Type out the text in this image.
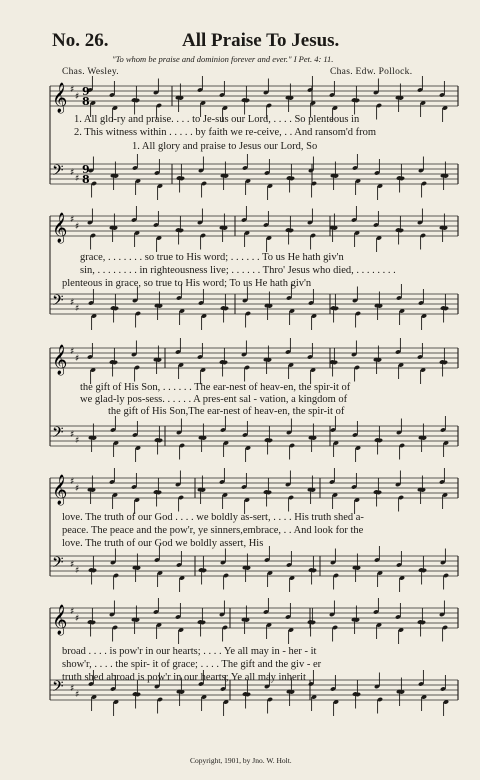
No. 26.	All Praise To Jesus.
"To whom be praise and dominion forever and ever." I Pet. 4: 11.
Chas. Wesley.	Chas. Edw. Pollock.
𝄞 ♯
♯
𝄢 ♯
♯
9
8
9
8
1. All glo-ry and praise. . . . to Je-sus our Lord, . . . . So plenteous in
2. This witness within . . . . . by faith we re-ceive, . . And ransom'd from
1. All glory and praise to Jesus our Lord, So
𝄞 ♯
♯
𝄢 ♯
♯
grace, . . . . . . . so true to His word; . . . . . . To us He hath giv'n
sin, . . . . . . . . in righteousness live; . . . . . . Thro' Jesus who died, . . . . . . . .
plenteous in grace, so true to His word; To us He hath giv'n
𝄞 ♯
♯
𝄢 ♯
♯
the gift of His Son, . . . . . . The ear-nest of heav-en, the spir-it of
we glad-ly pos-sess. . . . . . A pres-ent sal - vation, a kingdom of
the gift of His Son,The ear-nest of heav-en, the spir-it of
𝄞 ♯
♯
𝄢 ♯
♯
love. The truth of our God . . . . we boldly as-sert, . . . . His truth shed a-
peace. The peace and the pow'r, ye sinners,embrace, . . And look for the
love. The truth of our God we boldly assert, His
𝄞 ♯
♯
𝄢 ♯
♯
broad . . . . is pow'r in our hearts; . . . . Ye all may in - her - it
show'r, . . . . the spir- it of grace; . . . . The gift and the giv - er
truth shed abroad is pow'r in our hearts; Ye all may inherit
Copyright, 1901, by Jno. W. Holt.
